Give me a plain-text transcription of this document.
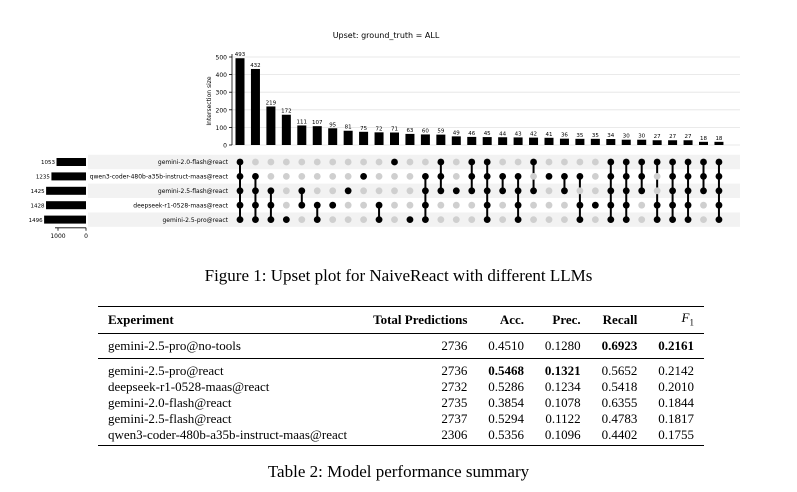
Upset: ground_truth = ALL
0
100
200
300
400
500
Intersection size
493
432
219
172
111 107 95 81 75 72 71 63 60 59 49 46 45 44 43 42 41 36 35 35 34 30 30 27 27 27 18 18
1053	gemini-2.0-flash@react
1235	qwen3-coder-480b-a35b-instruct-maas@react
1425	gemini-2.5-flash@react
1428	deepseek-r1-0528-maas@react
1496	gemini-2.5-pro@react
1000	0
Figure 1: Upset plot for NaiveReact with different LLMs
Experiment	Total Predictions	Acc.	Prec.	Recall	$F_1$
gemini-2.5-pro@no-tools	2736	0.4510	0.1280	0.6923	0.2161
gemini-2.5-pro@react	2736	0.5468	0.1321	0.5652	0.2142
deepseek-r1-0528-maas@react	2732	0.5286	0.1234	0.5418	0.2010
gemini-2.0-flash@react	2735	0.3854	0.1078	0.6355	0.1844
gemini-2.5-flash@react	2737	0.5294	0.1122	0.4783	0.1817
qwen3-coder-480b-a35b-instruct-maas@react	2306	0.5356	0.1096	0.4402	0.1755
Table 2: Model performance summary
